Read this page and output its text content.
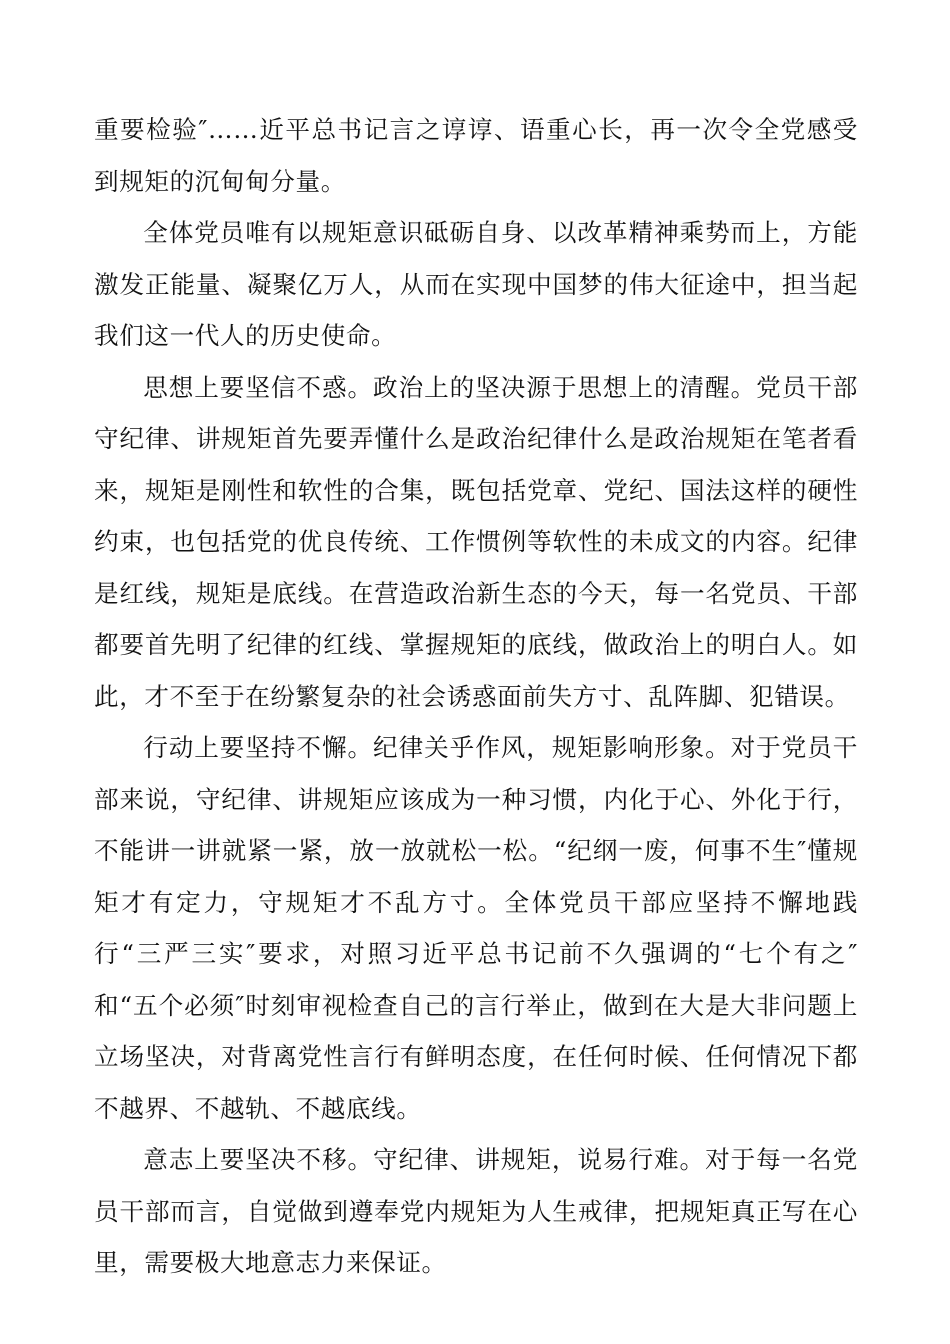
重要检验″……近平总书记言之谆谆、语重心长，再一次令全党感受到规矩的沉甸甸分量。

全体党员唯有以规矩意识砥砺自身、以改革精神乘势而上，方能激发正能量、凝聚亿万人，从而在实现中国梦的伟大征途中，担当起我们这一代人的历史使命。

思想上要坚信不惑。政治上的坚决源于思想上的清醒。党员干部守纪律、讲规矩首先要弄懂什么是政治纪律什么是政治规矩在笔者看来，规矩是刚性和软性的合集，既包括党章、党纪、国法这样的硬性约束，也包括党的优良传统、工作惯例等软性的未成文的内容。纪律是红线，规矩是底线。在营造政治新生态的今天，每一名党员、干部都要首先明了纪律的红线、掌握规矩的底线，做政治上的明白人。如此，才不至于在纷繁复杂的社会诱惑面前失方寸、乱阵脚、犯错误。

行动上要坚持不懈。纪律关乎作风，规矩影响形象。对于党员干部来说，守纪律、讲规矩应该成为一种习惯，内化于心、外化于行，不能讲一讲就紧一紧，放一放就松一松。“纪纲一废，何事不生″懂规矩才有定力，守规矩才不乱方寸。全体党员干部应坚持不懈地践行“三严三实″要求，对照习近平总书记前不久强调的“七个有之″和“五个必须″时刻审视检查自己的言行举止，做到在大是大非问题上立场坚决，对背离党性言行有鲜明态度，在任何时候、任何情况下都不越界、不越轨、不越底线。

意志上要坚决不移。守纪律、讲规矩，说易行难。对于每一名党员干部而言，自觉做到遵奉党内规矩为人生戒律，把规矩真正写在心里，需要极大地意志力来保证。
